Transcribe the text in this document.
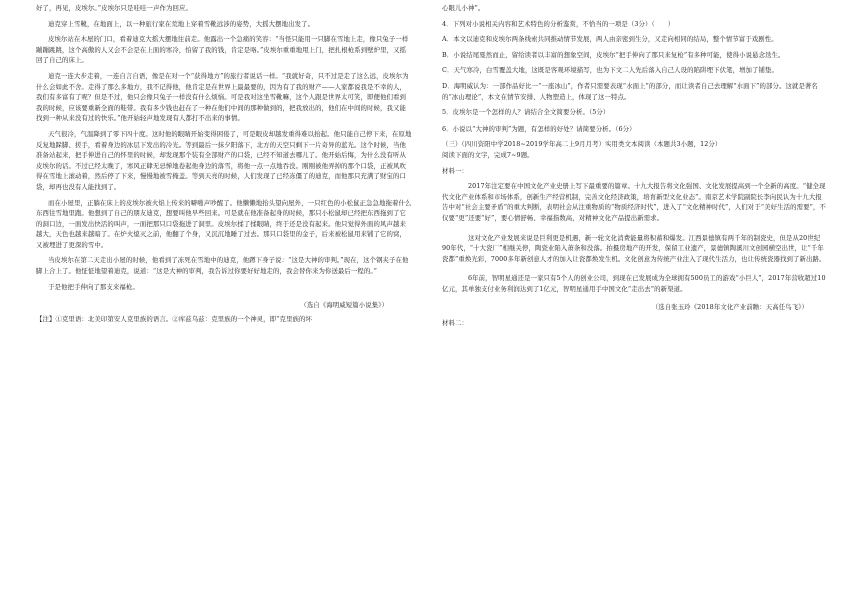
好了，再见，皮埃尔。”皮埃尔只是哇哇一声作为回应。

迪克穿上雪靴，在地面上，以一种旅行家在荒地上穿着雪靴远涉的姿势，大摇大摆地出发了。

皮埃尔站在木屋的门口，看着迪克大摇大摆地往前走。他露出一个急痛的笑容：“当怪只能用一只脚在雪地上走，像只兔子一样蹦蹦跳跳，这个高傲的人又会不会是在上面的寒冷，怕留了我的钱，肯定是咯。”皮埃尔重重地甩上门，把扎根枪系到壁炉里，又摇回了自己的床上。

迪克一连大步走着，一连自言自语，像是在对一个“获得地方”的旅行者说话一样。“我就好奇，只不过是走了这么远，皮埃尔为什么会如此不舍。走得了那么多地方，我不记得他，他肯定是在世界上最最要的，因为有了我的财产——人家都说我是不幸的人，我们有多富有了呢？但是不过，他只会像只兔子一样没有什么烦恼。可是我对这坐雪靴嘛，这个人跟是世界太可笑，即便他们看到我的时候，应该要重新全面的鞋带。我有多少钱也赶在了一种在他们中间的那种做到的，把我放出的，他们在中间的时候，我又能找到一种从来没有过的快乐。”他开始轻声地发现有人都打不出来的事情。

天气很冷，气温降到了零下四十度。这时他的眼睛开始变得困倦了，可是眼皮却越发重得难以抬起。他只能自己停下来，在原地反复地跺脚、搓手，看着身边的冰层下发出的冷光。等到最后一抹夕阳落下，北方的天空只剩下一片奇异的蓝光。这个时候，当他准备站起来，把手伸进自己的怀里的时候，却发现那个装有全部财产的口袋，已经不知道去哪儿了。他开始后悔，为什么没有听从皮埃尔的话。不过已经太晚了，寒风正肆无忌惮地卷起他身边的落雪，将他一点一点地吞没。刚刚被他弄掉的那个口袋，正被风吹得在雪地上滚动着，然后停了下来，慢慢地被雪掩盖。等到天亮的时候，人们发现了已经冻僵了的迪克，而他那只充满了财宝的口袋，却再也没有人能找到了。

而在小屋里，正躺在床上的皮埃尔被火焰上传来的噼啪声吵醒了。他懒懒地抬头望向屋外，一只红色的小松鼠正急急地拖着什么东西往雪地里跑。他想到了自己的朋友迪克，想要叫他早些回来。可是就在他准备起身的时候，那只小松鼠却已经把东西拖到了它的洞口边，一面发出快活的叫声，一面把那只口袋拖进了洞里。皮埃尔揉了揉眼睛，终于还是没有起来。他只觉得外面的风声越来越大，天色也越来越暗了。在炉火熄灭之前，他翻了个身，又沉沉地睡了过去。那只口袋里的金子，后来被松鼠用来铺了它的窝，又被埋进了更深的雪中。

当皮埃尔在第二天走出小屋的时候，他看到了冻死在雪地中的迪克，他蹲下身子说：“这是大神的审判。”现在，这个钢夹子在他脚上合上了。他怔怔地望着迪克，说道：“这是大神的审判，我告诉过你要好好地走的，我会替你来为你送最后一程的。”

于是他把手伸向了那支来福枪。

（选自《海明威短篇小说集》）

【注】①克里语：北美印第安人克里族的语言。②库兹乌兹：克里族的一个神灵，即“克里族的坏

心眼儿小神”。

4．下列对小说相关内容和艺术特色的分析鉴赏，不恰当的一项是（3分）（　　）

A．本文以迪克和皮埃尔两条线索共同推动情节发展，两人由亲密到生分，又走向相同的结局，整个情节富于戏剧性。

B．小说结尾戛然而止，留给读者以丰富的想象空间，皮埃尔“把手伸向了那只来复枪”有多种可能，使得小说悬念迭生。

C．天气寒冷，白雪覆盖大地，这既是客观环境描写，也为下文二人先后落入自己人设的陷阱埋下伏笔，增加了铺垫。

D．海明威认为：一部作品好比一“一座冰山”，作者只需要表现“水面上”的部分，而让读者自己去理解“水面下”的部分。这就是著名的“冰山理论”，本文在情节安排、人物塑造上，体现了这一特点。

5．皮埃尔是一个怎样的人？请结合全文简要分析。（5分）

6．小说以“大神的审判”为题，有怎样的好处？请简要分析。（6分）

（三）（四川资阳中学2018~2019学年高二上9月月考）实用类文本阅读（本题共3小题，12分）

阅读下面的文字，完成7~9题。

材料一：

2017年注定要在中国文化产业史册上写下最重要的篇章。十九大报告将文化强国、文化发展提高到一个全新的高度。“健全现代文化产业体系和市场体系，创新生产经营机制，完善文化经济政策，培育新型文化业态”。南京艺术学院副院长李向民认为十九大报告中对“社会主要矛盾”的重大判断，表明社会从注重物质的“物质经济时代”，进入了“文化精神时代”，人们对于“美好生活的需要”，不仅要“更”还要“好”，要心情舒畅、幸福指数高，对精神文化产品提出新需求。

这对文化产业发展来说是巨利更是机遇，新一轮文化消费能量将积蓄和爆发。江西景德镇有两千年的制瓷史，但是从20世纪90年代，“十大瓷厂”相继关停，陶瓷业陷入萧条和没落。拍摄房地产的开发，保留工业遗产，景德镇陶溪川文创园横空出世，让“千年瓷都”重焕光彩，7000多年新创意人才的加入让瓷都焕发生机。文化创意为传统产业注入了现代生活力，也让传统瓷器找到了新出路。

6年前，智明星通还是一家只有5个人的创业公司，到现在已发展成为全球拥有500员工的游戏“小巨人”，2017年营收超过10亿元，其单独支付业务利润达到了1亿元，智明星通用手中国文化“走出去”的新渠道。

（选自张玉玲《2018年文化产业前瞻：天高任鸟飞》）

材料二：
